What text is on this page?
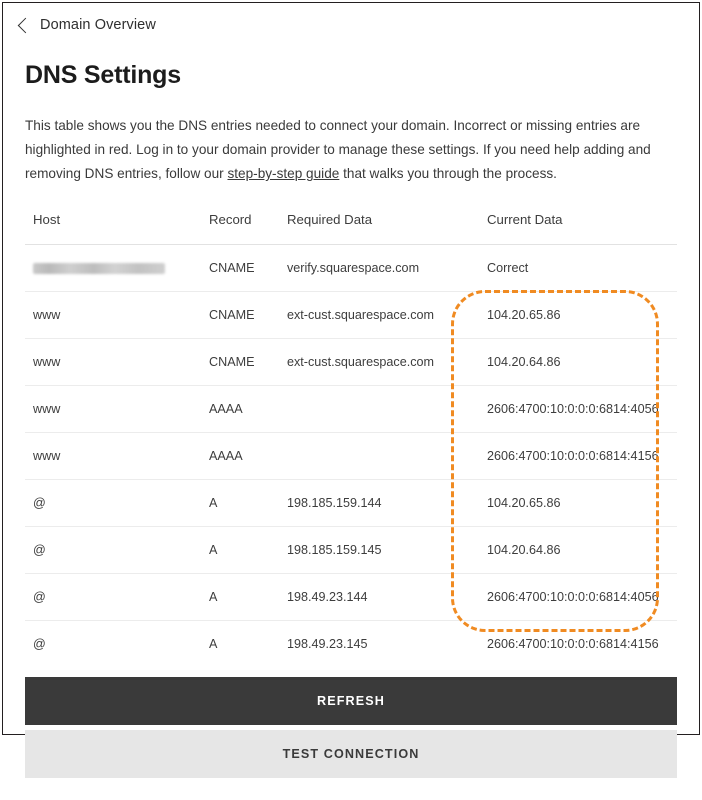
Domain Overview
DNS Settings

This table shows you the DNS entries needed to connect your domain. Incorrect or missing entries are highlighted in red. Log in to your domain provider to manage these settings. If you need help adding and removing DNS entries, follow our step-by-step guide that walks you through the process.

Host	Record	Required Data	Current Data
	CNAME	verify.squarespace.com	Correct
www	CNAME	ext-cust.squarespace.com	104.20.65.86
www	CNAME	ext-cust.squarespace.com	104.20.64.86
www	AAAA		2606:4700:10:0:0:0:6814:4056
www	AAAA		2606:4700:10:0:0:0:6814:4156
@	A	198.185.159.144	104.20.65.86
@	A	198.185.159.145	104.20.64.86
@	A	198.49.23.144	2606:4700:10:0:0:0:6814:4056
@	A	198.49.23.145	2606:4700:10:0:0:0:6814:4156
REFRESH
TEST CONNECTION
